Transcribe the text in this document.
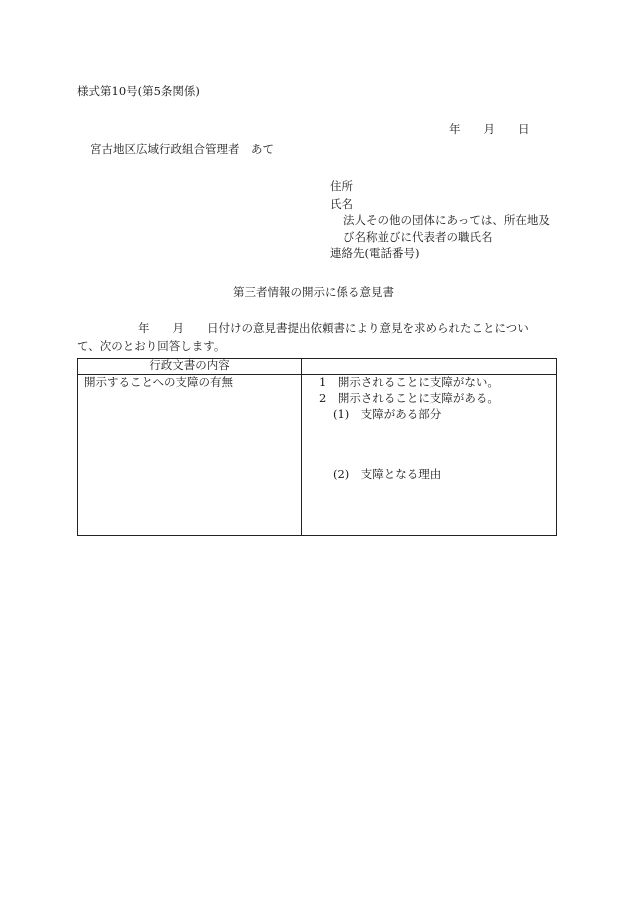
様式第10号(第5条関係)
年　　月　　日
宮古地区広域行政組合管理者　あて
住所
氏名
法人その他の団体にあっては、所在地及
び名称並びに代表者の職氏名
連絡先(電話番号)
第三者情報の開示に係る意見書
年　　月　　日付けの意見書提出依頼書により意見を求められたことについ
て、次のとおり回答します。
行政文書の内容	

開示することへの支障の有無	1　開示されることに支障がない。
2　開示されることに支障がある。
(1)　支障がある部分
(2)　支障となる理由
